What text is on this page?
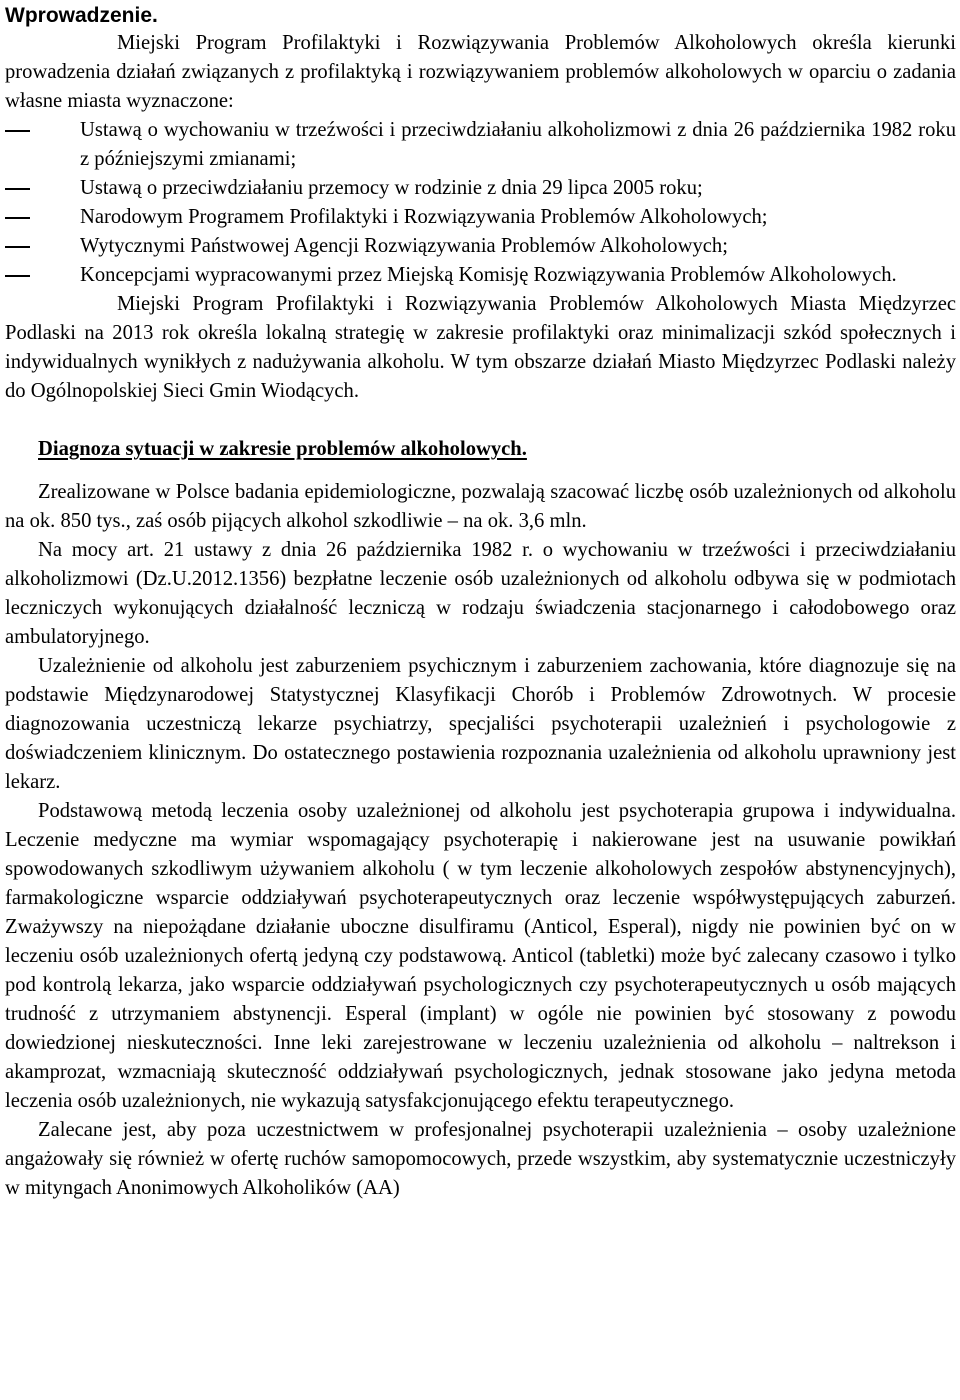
Wprowadzenie.

Miejski Program Profilaktyki i Rozwiązywania Problemów Alkoholowych określa kierunki prowadzenia działań związanych z profilaktyką i rozwiązywaniem problemów alkoholowych w oparciu o zadania własne miasta wyznaczone:

Ustawą o wychowaniu w trzeźwości i przeciwdziałaniu alkoholizmowi z dnia 26 października 1982 roku z późniejszymi zmianami;
Ustawą o przeciwdziałaniu przemocy w rodzinie z dnia 29 lipca 2005 roku;
Narodowym Programem Profilaktyki i Rozwiązywania Problemów Alkoholowych;
Wytycznymi Państwowej Agencji Rozwiązywania Problemów Alkoholowych;
Koncepcjami wypracowanymi przez Miejską Komisję Rozwiązywania Problemów Alkoholowych.

Miejski Program Profilaktyki i Rozwiązywania Problemów Alkoholowych Miasta Międzyrzec Podlaski na 2013 rok określa lokalną strategię w zakresie profilaktyki oraz minimalizacji szkód społecznych i indywidualnych wynikłych z nadużywania alkoholu. W tym obszarze działań Miasto Międzyrzec Podlaski należy do Ogólnopolskiej Sieci Gmin Wiodących.

Diagnoza sytuacji w zakresie problemów alkoholowych.

Zrealizowane w Polsce badania epidemiologiczne, pozwalają szacować liczbę osób uzależnionych od alkoholu na ok. 850 tys., zaś osób pijących alkohol szkodliwie – na ok. 3,6 mln.

Na mocy art. 21 ustawy z dnia 26 października 1982 r. o wychowaniu w trzeźwości i przeciwdziałaniu alkoholizmowi (Dz.U.2012.1356) bezpłatne leczenie osób uzależnionych od alkoholu odbywa się w podmiotach leczniczych wykonujących działalność leczniczą w rodzaju świadczenia stacjonarnego i całodobowego oraz ambulatoryjnego.

Uzależnienie od alkoholu jest zaburzeniem psychicznym i zaburzeniem zachowania, które diagnozuje się na podstawie Międzynarodowej Statystycznej Klasyfikacji Chorób i Problemów Zdrowotnych. W procesie diagnozowania uczestniczą lekarze psychiatrzy, specjaliści psychoterapii uzależnień i psychologowie z doświadczeniem klinicznym. Do ostatecznego postawienia rozpoznania uzależnienia od alkoholu uprawniony jest lekarz.

Podstawową metodą leczenia osoby uzależnionej od alkoholu jest psychoterapia grupowa i indywidualna. Leczenie medyczne ma wymiar wspomagający psychoterapię i nakierowane jest na usuwanie powikłań spowodowanych szkodliwym używaniem alkoholu ( w tym leczenie alkoholowych zespołów abstynencyjnych), farmakologiczne wsparcie oddziaływań psychoterapeutycznych oraz leczenie współwystępujących zaburzeń. Zważywszy na niepożądane działanie uboczne disulfiramu (Anticol, Esperal), nigdy nie powinien być on w leczeniu osób uzależnionych ofertą jedyną czy podstawową. Anticol (tabletki) może być zalecany czasowo i tylko pod kontrolą lekarza, jako wsparcie oddziaływań psychologicznych czy psychoterapeutycznych u osób mających trudność z utrzymaniem abstynencji. Esperal (implant) w ogóle nie powinien być stosowany z powodu dowiedzionej nieskuteczności. Inne leki zarejestrowane w leczeniu uzależnienia od alkoholu – naltrekson i akamprozat, wzmacniają skuteczność oddziaływań psychologicznych, jednak stosowane jako jedyna metoda leczenia osób uzależnionych, nie wykazują satysfakcjonującego efektu terapeutycznego.

Zalecane jest, aby poza uczestnictwem w profesjonalnej psychoterapii uzależnienia – osoby uzależnione angażowały się również w ofertę ruchów samopomocowych, przede wszystkim, aby systematycznie uczestniczyły w mityngach Anonimowych Alkoholików (AA)
